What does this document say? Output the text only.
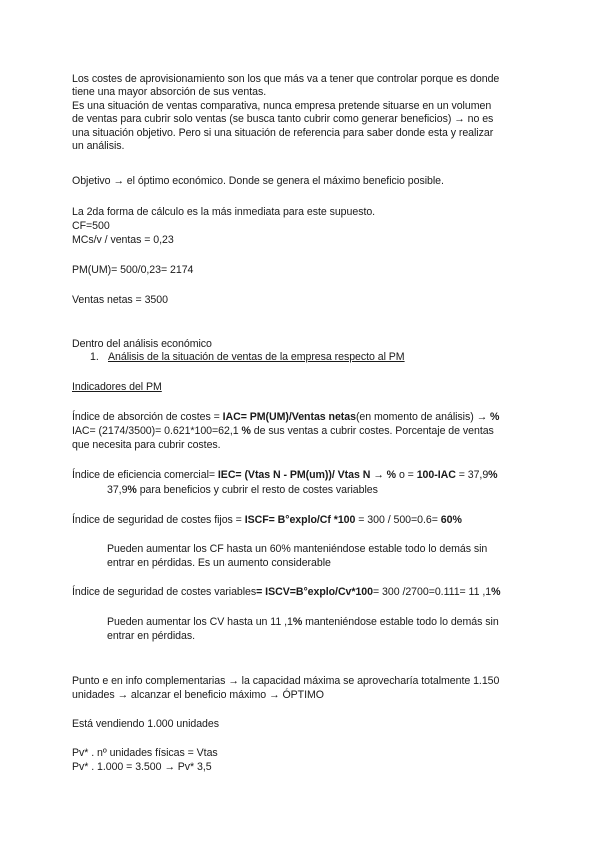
Los costes de aprovisionamiento son los que más va a tener que controlar porque es donde
tiene una mayor absorción de sus ventas.
Es una situación de ventas comparativa, nunca empresa pretende situarse en un volumen
de ventas para cubrir solo ventas (se busca tanto cubrir como generar beneficios) → no es
una situación objetivo. Pero si una situación de referencia para saber donde esta y realizar
un análisis.
Objetivo → el óptimo económico. Donde se genera el máximo beneficio posible.
La 2da forma de cálculo es la más inmediata para este supuesto.
CF=500
MCs/v / ventas = 0,23
PM(UM)= 500/0,23= 2174
Ventas netas = 3500
Dentro del análisis económico
1. Análisis de la situación de ventas de la empresa respecto al PM
Indicadores del PM
Índice de absorción de costes = IAC= PM(UM)/Ventas netas(en momento de análisis) → %
IAC= (2174/3500)= 0.621*100=62,1 % de sus ventas a cubrir costes. Porcentaje de ventas
que necesita para cubrir costes.
Índice de eficiencia comercial= IEC= (Vtas N - PM(um))/ Vtas N → % o = 100-IAC = 37,9%
37,9% para beneficios y cubrir el resto de costes variables
Índice de seguridad de costes fijos = ISCF= B°explo/Cf *100 = 300 / 500=0.6= 60%
Pueden aumentar los CF hasta un 60% manteniéndose estable todo lo demás sin
entrar en pérdidas. Es un aumento considerable
Índice de seguridad de costes variables= ISCV=B°explo/Cv*100= 300 /2700=0.111= 11 ,1%
Pueden aumentar los CV hasta un 11 ,1% manteniéndose estable todo lo demás sin
entrar en pérdidas.
Punto e en info complementarias → la capacidad máxima se aprovecharía totalmente 1.150
unidades → alcanzar el beneficio máximo → ÓPTIMO
Está vendiendo 1.000 unidades
Pv* . nº unidades físicas = Vtas
Pv* . 1.000 = 3.500 → Pv* 3,5
